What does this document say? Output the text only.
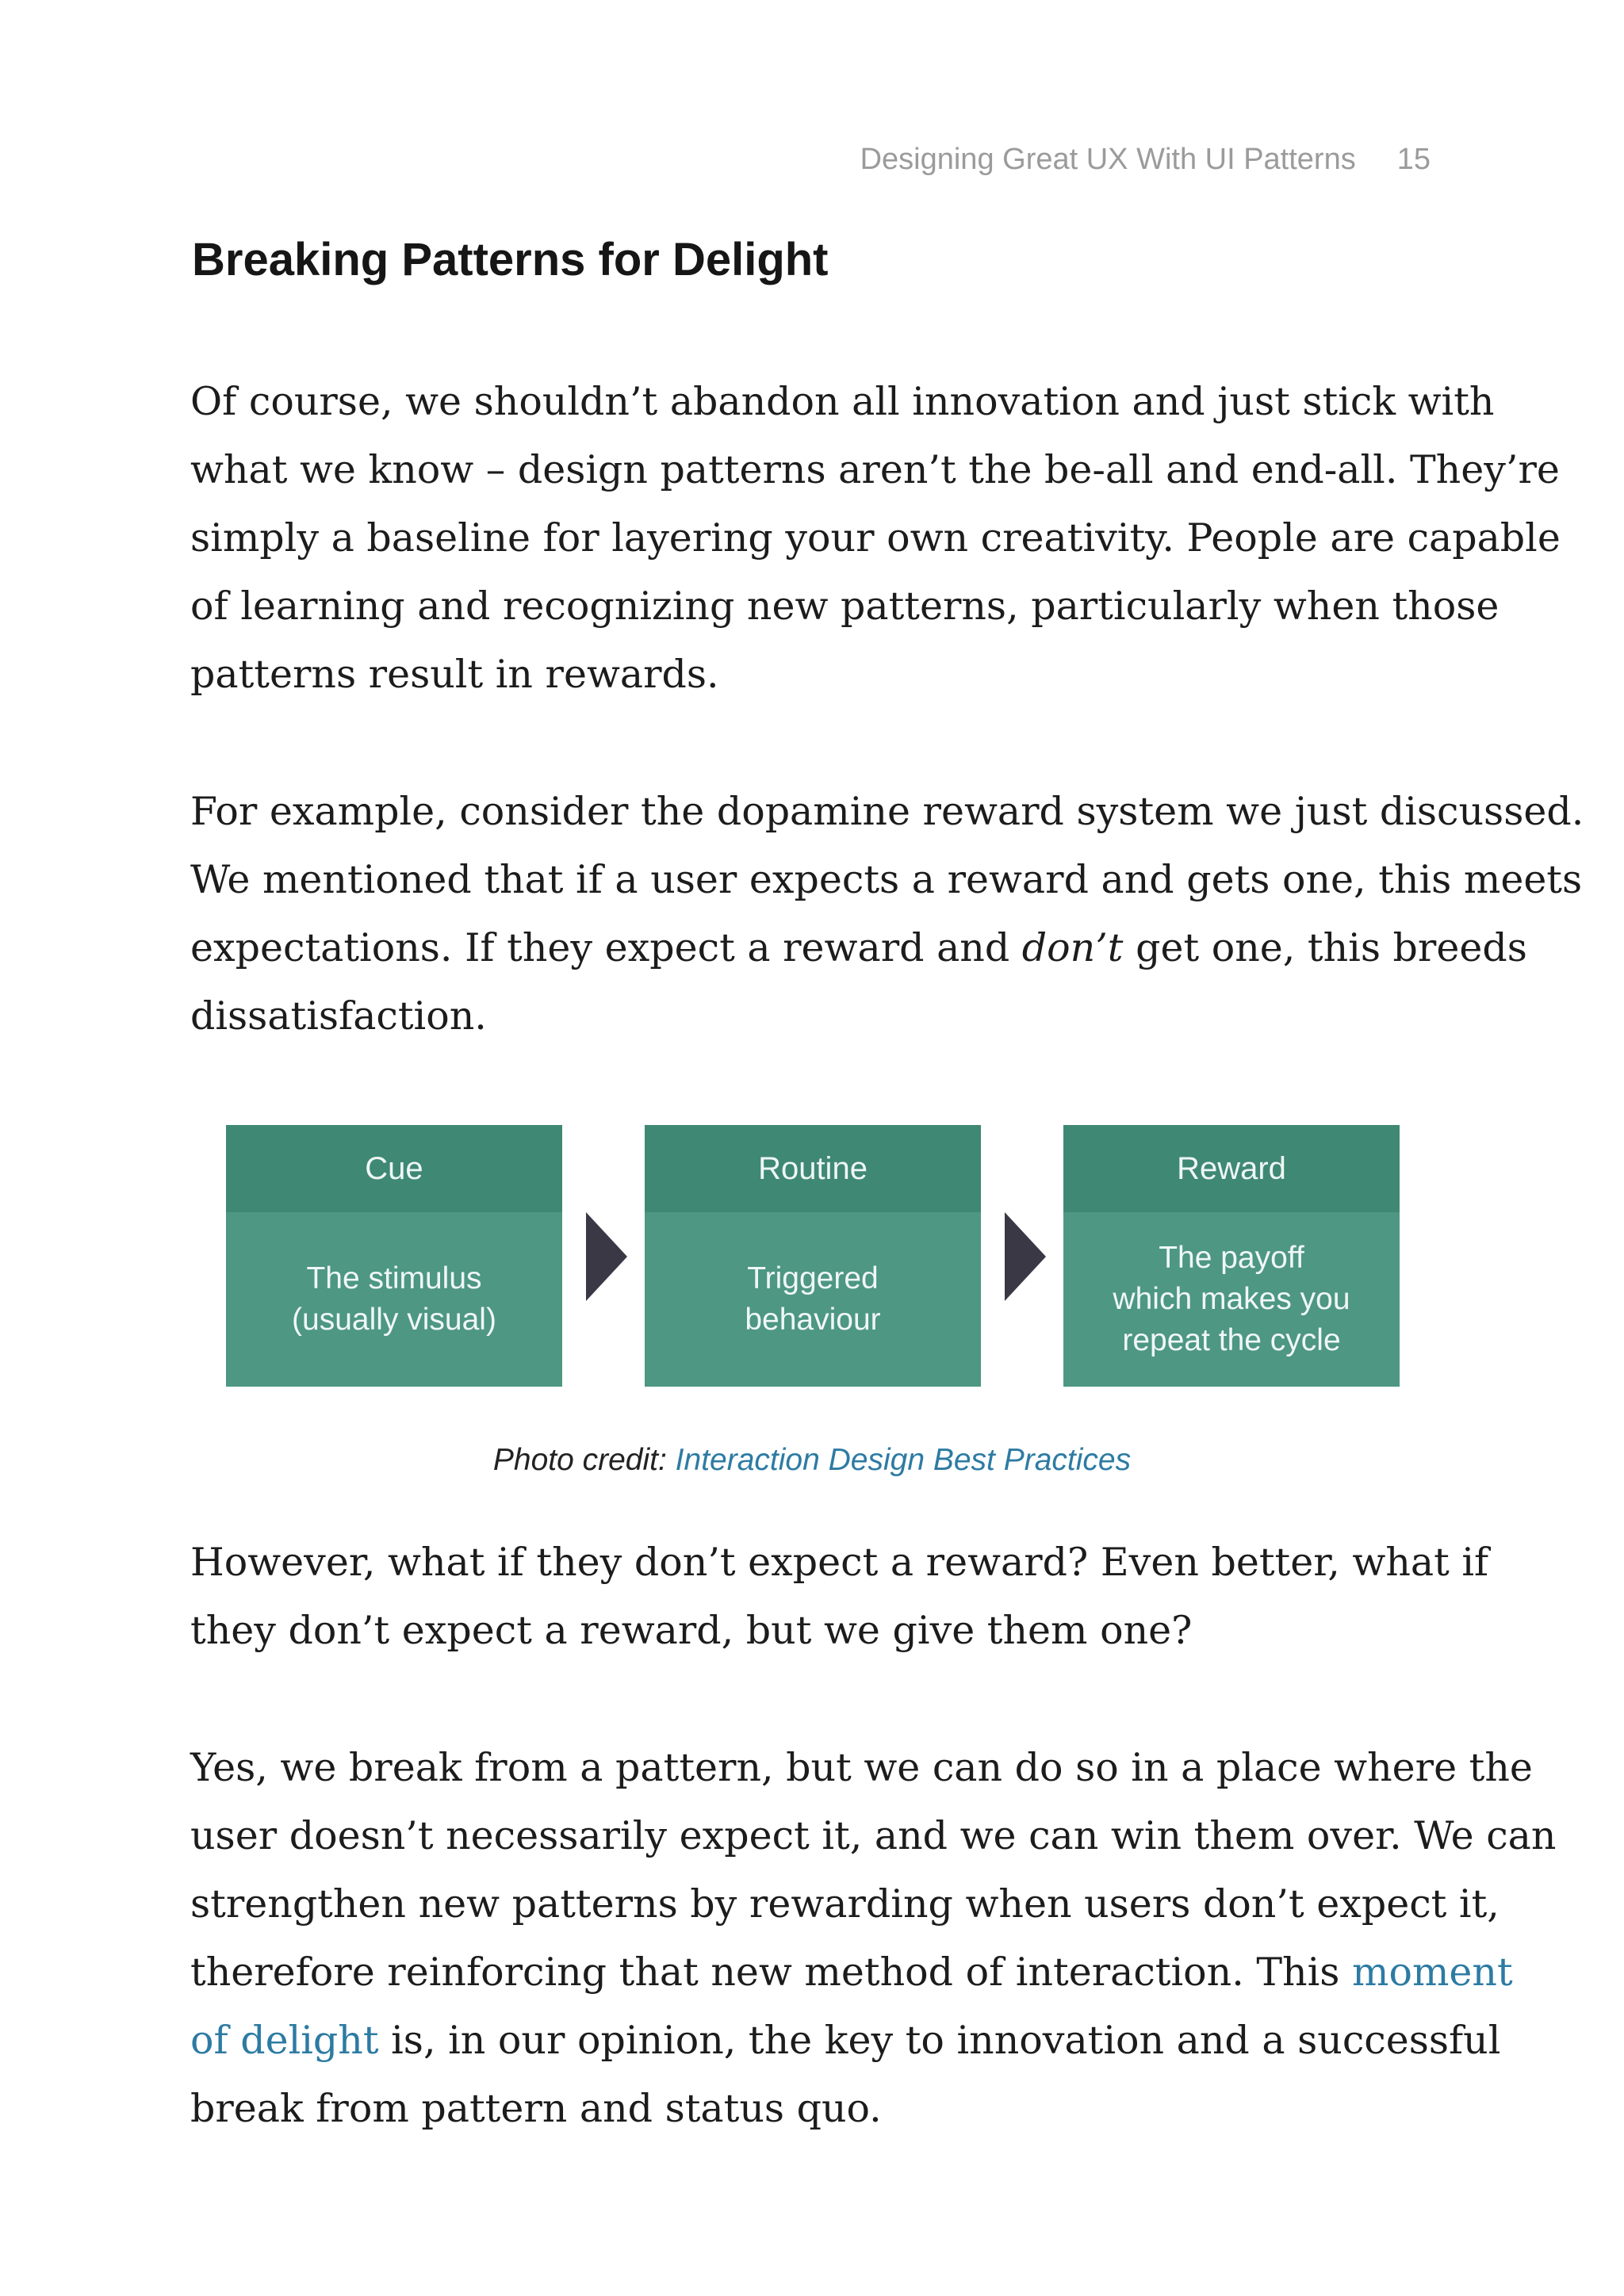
Designing Great UX With UI Patterns 15
Breaking Patterns for Delight

Of course, we shouldn’t abandon all innovation and just stick with
what we know – design patterns aren’t the be-all and end-all. They’re
simply a baseline for layering your own creativity. People are capable
of learning and recognizing new patterns, particularly when those
patterns result in rewards.

For example, consider the dopamine reward system we just discussed.
We mentioned that if a user expects a reward and gets one, this meets
expectations. If they expect a reward and don’t get one, this breeds
dissatisfaction.

Cue
The stimulus
(usually visual)
Routine
Triggered
behaviour
Reward
The payoff
which makes you
repeat the cycle
Photo credit: Interaction Design Best Practices

However, what if they don’t expect a reward? Even better, what if
they don’t expect a reward, but we give them one?

Yes, we break from a pattern, but we can do so in a place where the
user doesn’t necessarily expect it, and we can win them over. We can
strengthen new patterns by rewarding when users don’t expect it,
therefore reinforcing that new method of interaction. This moment
of delight is, in our opinion, the key to innovation and a successful
break from pattern and status quo.
